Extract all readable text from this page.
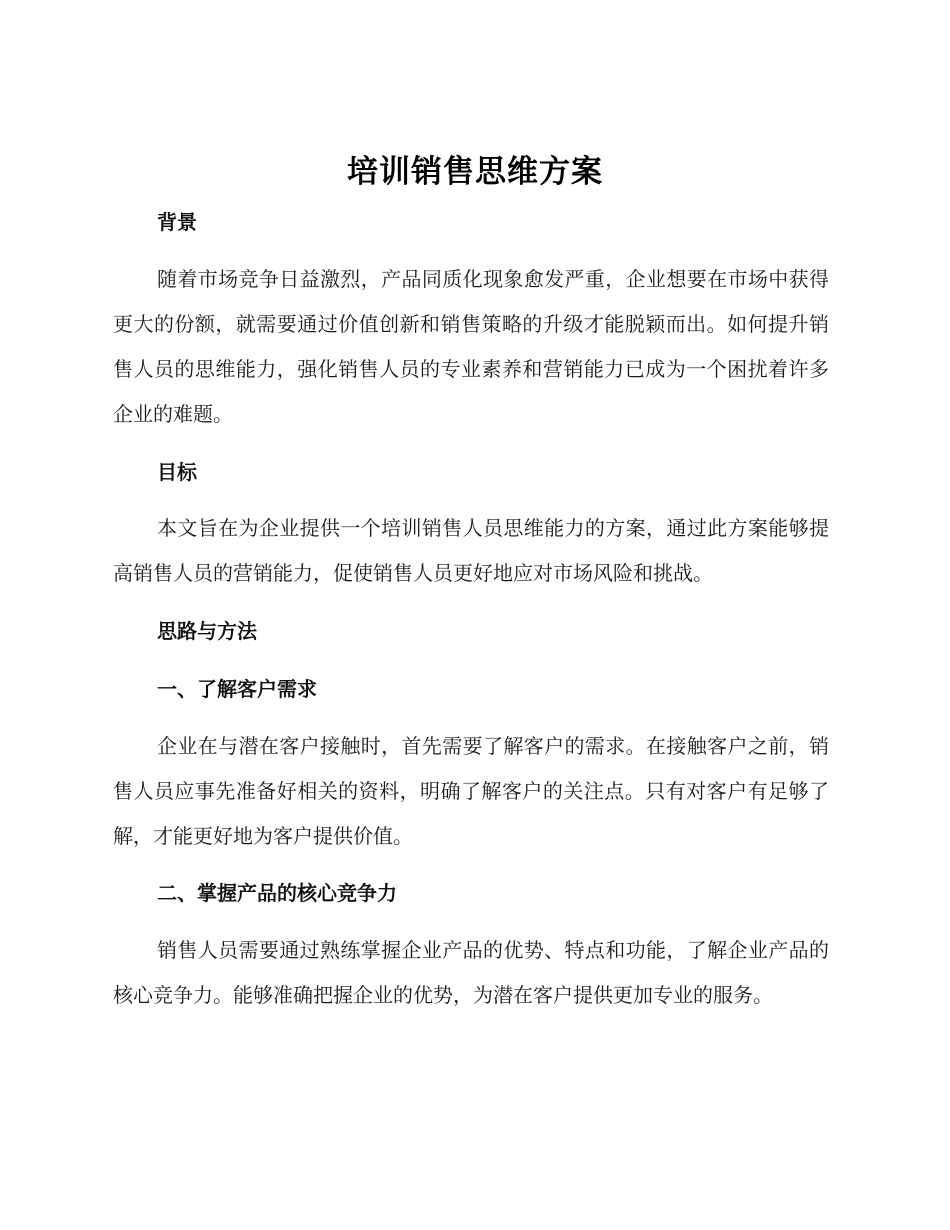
培训销售思维方案
背景

随着市场竞争日益激烈，产品同质化现象愈发严重，企业想要在市场中获得更大的份额，就需要通过价值创新和销售策略的升级才能脱颖而出。如何提升销售人员的思维能力，强化销售人员的专业素养和营销能力已成为一个困扰着许多企业的难题。

目标

本文旨在为企业提供一个培训销售人员思维能力的方案，通过此方案能够提高销售人员的营销能力，促使销售人员更好地应对市场风险和挑战。

思路与方法
一、了解客户需求

企业在与潜在客户接触时，首先需要了解客户的需求。在接触客户之前，销售人员应事先准备好相关的资料，明确了解客户的关注点。只有对客户有足够了解，才能更好地为客户提供价值。

二、掌握产品的核心竞争力

销售人员需要通过熟练掌握企业产品的优势、特点和功能，了解企业产品的核心竞争力。能够准确把握企业的优势，为潜在客户提供更加专业的服务。
